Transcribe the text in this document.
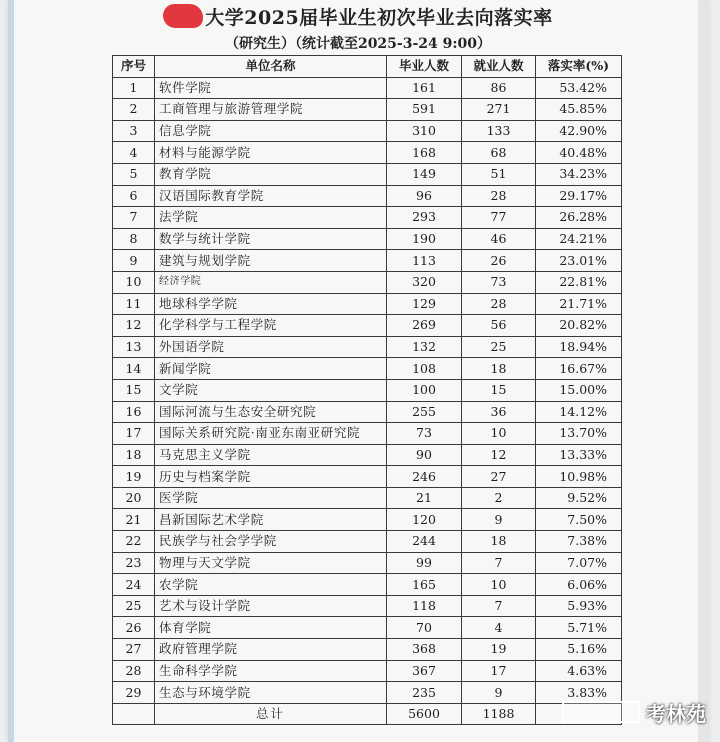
大学2025届毕业生初次毕业去向落实率
（研究生）（统计截至2025-3-24 9:00）
序号	单位名称	毕业人数	就业人数	落实率(%)
1	软件学院	161	86	53.42%
2	工商管理与旅游管理学院	591	271	45.85%
3	信息学院	310	133	42.90%
4	材料与能源学院	168	68	40.48%
5	教育学院	149	51	34.23%
6	汉语国际教育学院	96	28	29.17%
7	法学院	293	77	26.28%
8	数学与统计学院	190	46	24.21%
9	建筑与规划学院	113	26	23.01%
10	经济学院	320	73	22.81%
11	地球科学学院	129	28	21.71%
12	化学科学与工程学院	269	56	20.82%
13	外国语学院	132	25	18.94%
14	新闻学院	108	18	16.67%
15	文学院	100	15	15.00%
16	国际河流与生态安全研究院	255	36	14.12%
17	国际关系研究院·南亚东南亚研究院	73	10	13.70%
18	马克思主义学院	90	12	13.33%
19	历史与档案学院	246	27	10.98%
20	医学院	21	2	9.52%
21	昌新国际艺术学院	120	9	7.50%
22	民族学与社会学学院	244	18	7.38%
23	物理与天文学院	99	7	7.07%
24	农学院	165	10	6.06%
25	艺术与设计学院	118	7	5.93%
26	体育学院	70	4	5.71%
27	政府管理学院	368	19	5.16%
28	生命科学学院	367	17	4.63%
29	生态与环境学院	235	9	3.83%
	总计	5600	1188		考林苑
